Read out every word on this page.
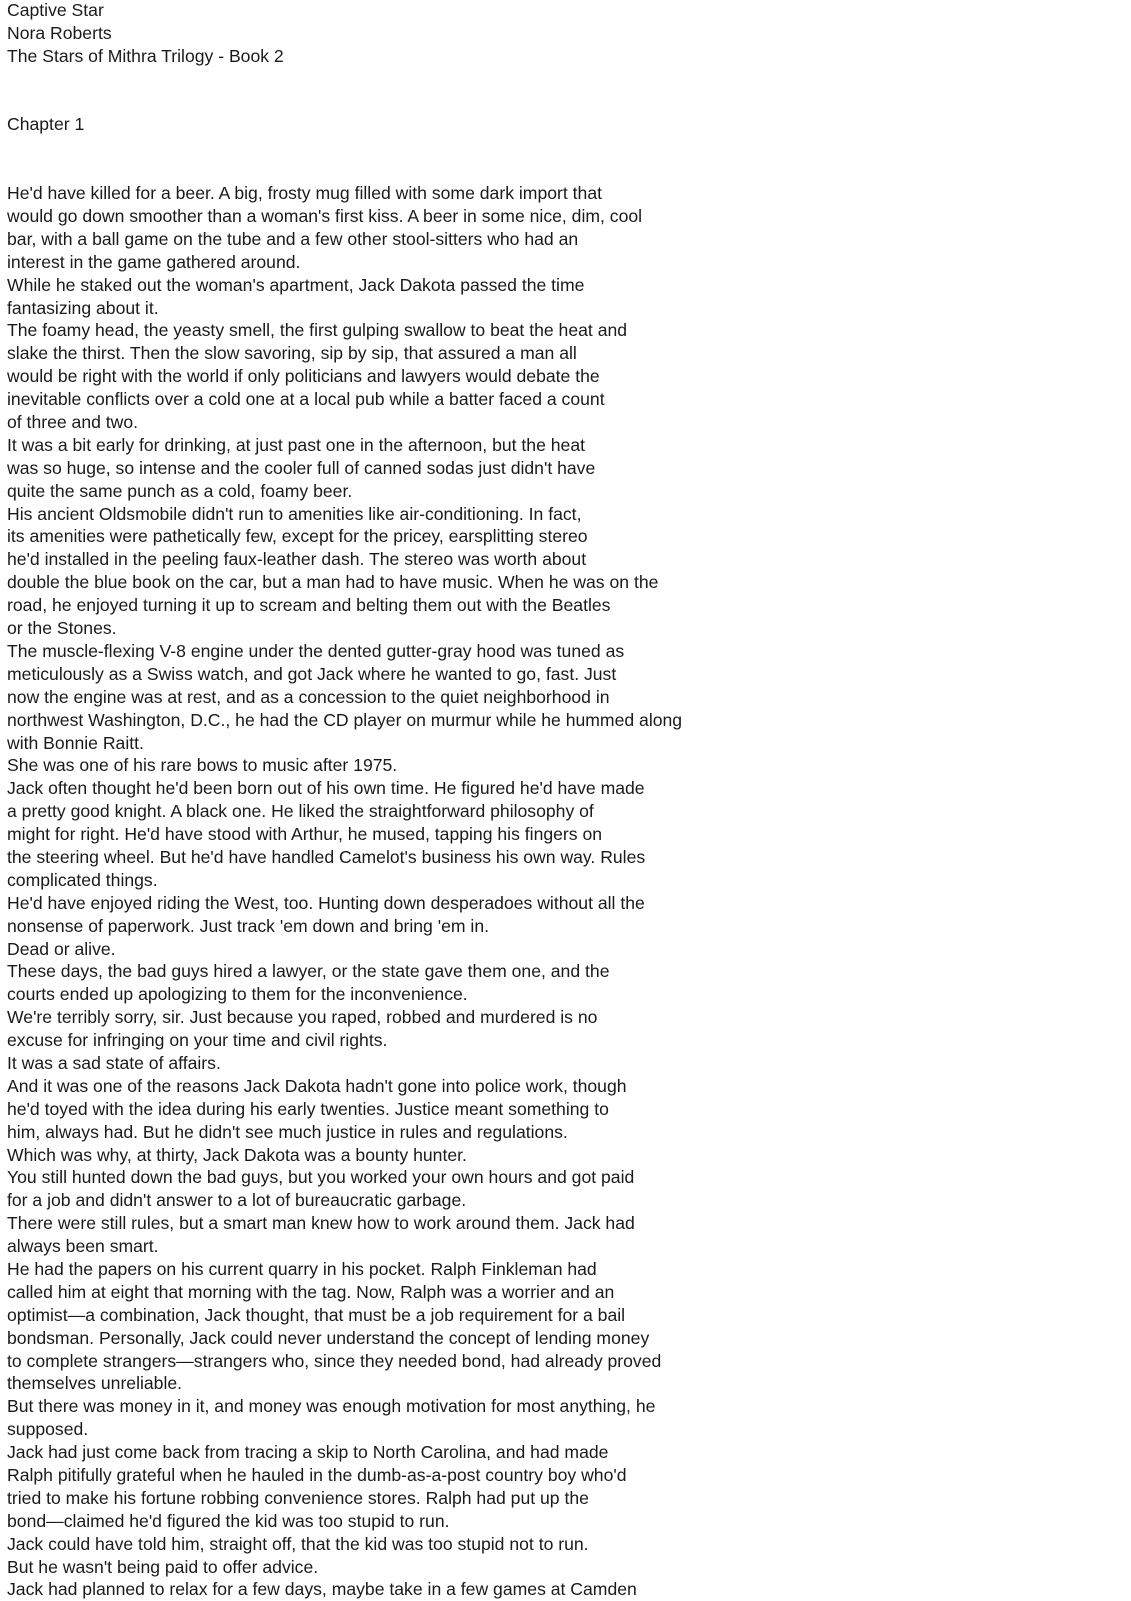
Captive Star
Nora Roberts
The Stars of Mithra Trilogy - Book 2
Chapter 1
He'd have killed for a beer. A big, frosty mug filled with some dark import that
would go down smoother than a woman's first kiss. A beer in some nice, dim, cool
bar, with a ball game on the tube and a few other stool-sitters who had an
interest in the game gathered around.
While he staked out the woman's apartment, Jack Dakota passed the time
fantasizing about it.
The foamy head, the yeasty smell, the first gulping swallow to beat the heat and
slake the thirst. Then the slow savoring, sip by sip, that assured a man all
would be right with the world if only politicians and lawyers would debate the
inevitable conflicts over a cold one at a local pub while a batter faced a count
of three and two.
It was a bit early for drinking, at just past one in the afternoon, but the heat
was so huge, so intense and the cooler full of canned sodas just didn't have
quite the same punch as a cold, foamy beer.
His ancient Oldsmobile didn't run to amenities like air-conditioning. In fact,
its amenities were pathetically few, except for the pricey, earsplitting stereo
he'd installed in the peeling faux-leather dash. The stereo was worth about
double the blue book on the car, but a man had to have music. When he was on the
road, he enjoyed turning it up to scream and belting them out with the Beatles
or the Stones.
The muscle-flexing V-8 engine under the dented gutter-gray hood was tuned as
meticulously as a Swiss watch, and got Jack where he wanted to go, fast. Just
now the engine was at rest, and as a concession to the quiet neighborhood in
northwest Washington, D.C., he had the CD player on murmur while he hummed along
with Bonnie Raitt.
She was one of his rare bows to music after 1975.
Jack often thought he'd been born out of his own time. He figured he'd have made
a pretty good knight. A black one. He liked the straightforward philosophy of
might for right. He'd have stood with Arthur, he mused, tapping his fingers on
the steering wheel. But he'd have handled Camelot's business his own way. Rules
complicated things.
He'd have enjoyed riding the West, too. Hunting down desperadoes without all the
nonsense of paperwork. Just track 'em down and bring 'em in.
Dead or alive.
These days, the bad guys hired a lawyer, or the state gave them one, and the
courts ended up apologizing to them for the inconvenience.
We're terribly sorry, sir. Just because you raped, robbed and murdered is no
excuse for infringing on your time and civil rights.
It was a sad state of affairs.
And it was one of the reasons Jack Dakota hadn't gone into police work, though
he'd toyed with the idea during his early twenties. Justice meant something to
him, always had. But he didn't see much justice in rules and regulations.
Which was why, at thirty, Jack Dakota was a bounty hunter.
You still hunted down the bad guys, but you worked your own hours and got paid
for a job and didn't answer to a lot of bureaucratic garbage.
There were still rules, but a smart man knew how to work around them. Jack had
always been smart.
He had the papers on his current quarry in his pocket. Ralph Finkleman had
called him at eight that morning with the tag. Now, Ralph was a worrier and an
optimist—a combination, Jack thought, that must be a job requirement for a bail
bondsman. Personally, Jack could never understand the concept of lending money
to complete strangers—strangers who, since they needed bond, had already proved
themselves unreliable.
But there was money in it, and money was enough motivation for most anything, he
supposed.
Jack had just come back from tracing a skip to North Carolina, and had made
Ralph pitifully grateful when he hauled in the dumb-as-a-post country boy who'd
tried to make his fortune robbing convenience stores. Ralph had put up the
bond—claimed he'd figured the kid was too stupid to run.
Jack could have told him, straight off, that the kid was too stupid not to run.
But he wasn't being paid to offer advice.
Jack had planned to relax for a few days, maybe take in a few games at Camden
